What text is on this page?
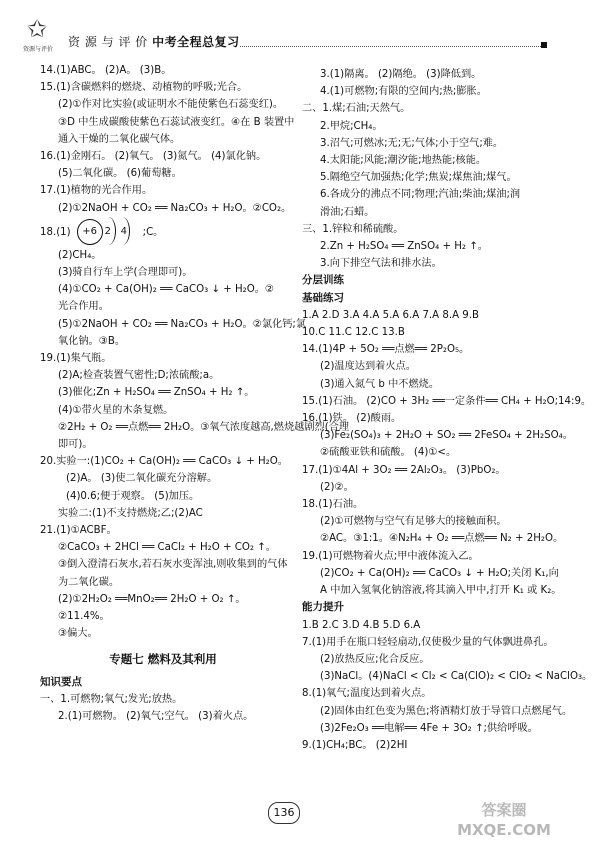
✩
资源与评价
资 源 与 评 价 中考全程总复习
14.(1)ABC。 (2)A。 (3)B。
15.(1)含碳燃料的燃烧、动植物的呼吸;光合。
(2)①作对比实验(或证明水不能使紫色石蕊变红)。
③D 中生成碳酸使紫色石蕊试液变红。④在 B 装置中
通入干燥的二氧化碳气体。
16.(1)金刚石。 (2)氧气。 (3)氮气。 (4)氯化钠。
(5)二氧化碳。 (6)葡萄糖。
17.(1)植物的光合作用。
(2)①2NaOH + CO₂ ══ Na₂CO₃ + H₂O。②CO₂。
18.(1)	+6 2 4 ;C。
(2)CH₄。
(3)骑自行车上学(合理即可)。
(4)①CO₂ + Ca(OH)₂ ══ CaCO₃ ↓ + H₂O。②
光合作用。
(5)①2NaOH + CO₂ ══ Na₂CO₃ + H₂O。②氯化钙;氯
氧化钠。③B。
19.(1)集气瓶。
(2)A;检查装置气密性;D;浓硫酸;a。
(3)催化;Zn + H₂SO₄ ══ ZnSO₄ + H₂ ↑。
(4)①带火星的木条复燃。
②2H₂ + O₂ ══点燃══ 2H₂O。③氧气浓度越高,燃烧越剧烈(合理
即可)。
20.实验一:(1)CO₂ + Ca(OH)₂ ══ CaCO₃ ↓ + H₂O。
(2)A。 (3)使二氧化碳充分溶解。
(4)0.6;便于观察。 (5)加压。
实验二:(1)不支持燃烧;乙;(2)AC
21.(1)①ACBF。
②CaCO₃ + 2HCl ══ CaCl₂ + H₂O + CO₂ ↑。
③倒入澄清石灰水,若石灰水变浑浊,则收集到的气体
为二氧化碳。
(2)①2H₂O₂ ══MnO₂══ 2H₂O + O₂ ↑。
②11.4%。
③偏大。
专题七 燃料及其利用
知识要点
一、1.可燃物;氧气;发光;放热。
2.(1)可燃物。 (2)氧气;空气。 (3)着火点。
3.(1)隔离。 (2)隔绝。 (3)降低到。
4.(1)可燃物;有限的空间内;热;膨胀。
二、1.煤;石油;天然气。
2.甲烷;CH₄。
3.沼气;可燃冰;无;无;气体;小于空气;难。
4.太阳能;风能;潮汐能;地热能;核能。
5.隔绝空气加强热;化学;焦炭;煤焦油;煤气。
6.各成分的沸点不同;物理;汽油;柴油;煤油;润
滑油;石蜡。
三、1.锌粒和稀硫酸。
2.Zn + H₂SO₄ ══ ZnSO₄ + H₂ ↑。
3.向下排空气法和排水法。
分层训练
基础练习
1.A 2.D 3.A 4.A 5.A 6.A 7.A 8.A 9.B
10.C 11.C 12.C 13.B
14.(1)4P + 5O₂ ══点燃══ 2P₂O₅。
(2)温度达到着火点。
(3)通入氮气 b 中不燃烧。
15.(1)石油。 (2)CO + 3H₂ ══一定条件══ CH₄ + H₂O;14:9。
16.(1)铁。 (2)酸雨。
(3)Fe₂(SO₄)₃ + 2H₂O + SO₂ ══ 2FeSO₄ + 2H₂SO₄。
②硫酸亚铁和硫酸。 (4)①<。
17.(1)①4Al + 3O₂ ══ 2Al₂O₃。 (3)PbO₂。
(2)②。
18.(1)石油。
(2)①可燃物与空气有足够大的接触面积。
②AC。③1:1。④N₂H₄ + O₂ ══点燃══ N₂ + 2H₂O。
19.(1)可燃物着火点;甲中液体流入乙。
(2)CO₂ + Ca(OH)₂ ══ CaCO₃ ↓ + H₂O;关闭 K₁,向
A 中加入氢氧化钠溶液,将其滴入甲中,打开 K₁ 或 K₂。
能力提升
1.B 2.C 3.D 4.B 5.D 6.A
7.(1)用手在瓶口轻轻扇动,仅使极少量的气体飘进鼻孔。
(2)放热反应;化合反应。
(3)NaCl。(4)NaCl < Cl₂ < Ca(ClO)₂ < ClO₂ < NaClO₃。
8.(1)氧气;温度达到着火点。
(2)固体由红色变为黑色;将酒精灯放于导管口点燃尾气。
(3)2Fe₂O₃ ══电解══ 4Fe + 3O₂ ↑;供给呼吸。
9.(1)CH₄;BC。 (2)2HI
136	答案圈 MXQE.COM
